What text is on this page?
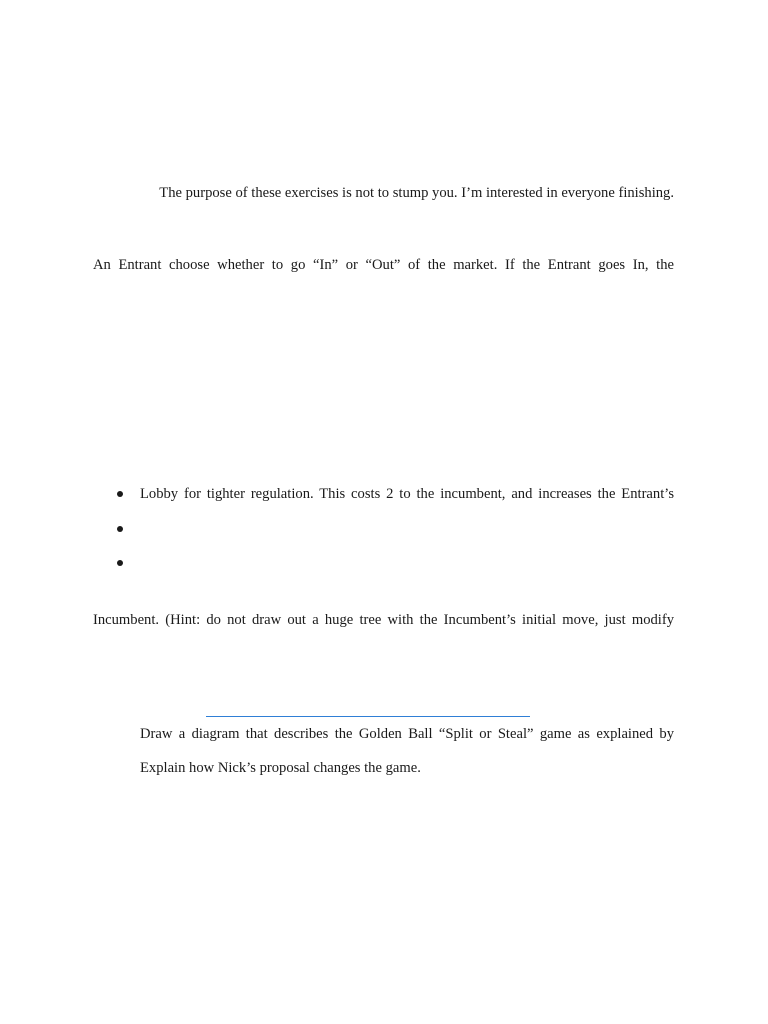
The purpose of these exercises is not to stump you. I’m interested in everyone finishing.
An Entrant choose whether to go “In” or “Out” of the market. If the Entrant goes In, the
Lobby for tighter regulation. This costs 2 to the incumbent, and increases the Entrant’s
Incumbent. (Hint: do not draw out a huge tree with the Incumbent’s initial move, just modify
Draw a diagram that describes the Golden Ball “Split or Steal” game as explained by
Explain how Nick’s proposal changes the game.
